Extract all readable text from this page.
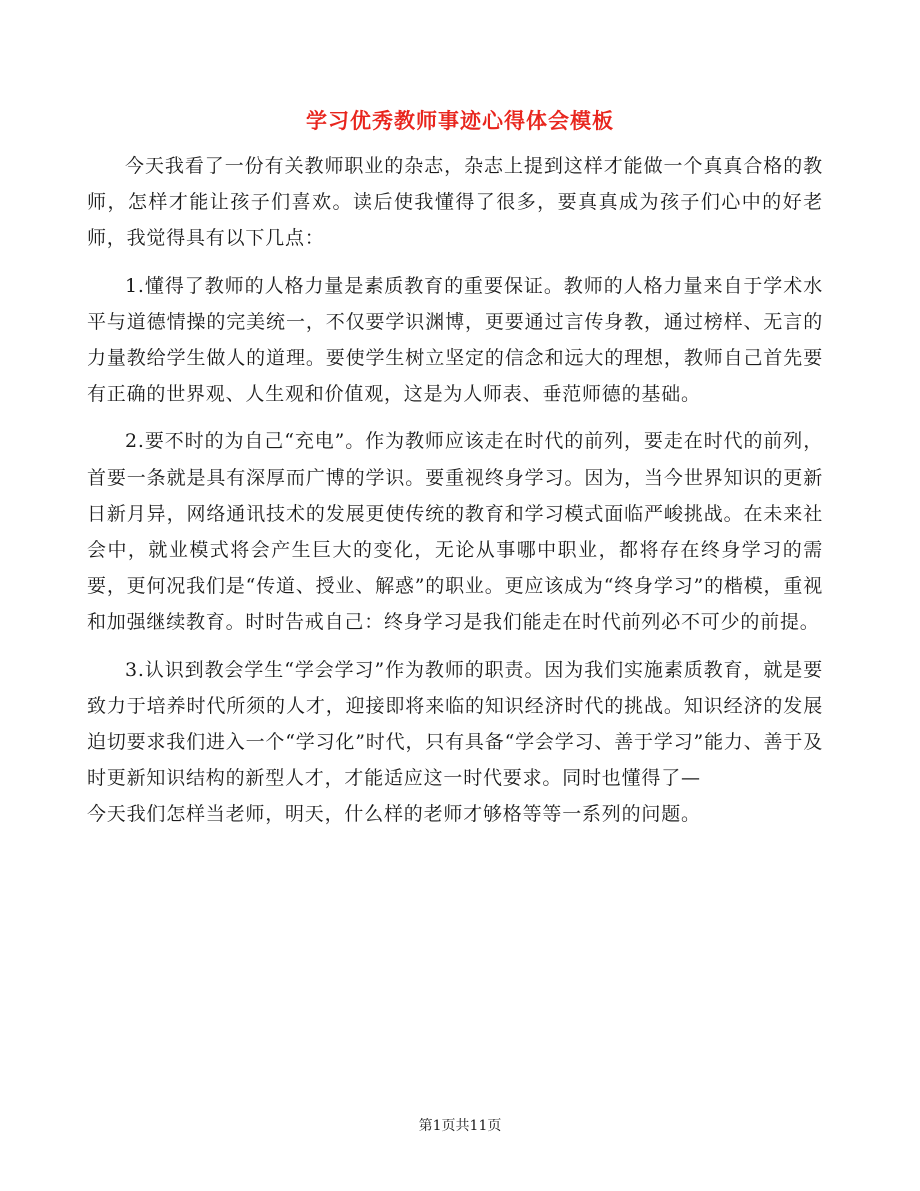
学习优秀教师事迹心得体会模板

今天我看了一份有关教师职业的杂志，杂志上提到这样才能做一个真真合格的教师，怎样才能让孩子们喜欢。读后使我懂得了很多，要真真成为孩子们心中的好老师，我觉得具有以下几点：

1.懂得了教师的人格力量是素质教育的重要保证。教师的人格力量来自于学术水平与道德情操的完美统一，不仅要学识渊博，更要通过言传身教，通过榜样、无言的力量教给学生做人的道理。要使学生树立坚定的信念和远大的理想，教师自己首先要有正确的世界观、人生观和价值观，这是为人师表、垂范师德的基础。

2.要不时的为自己“充电”。作为教师应该走在时代的前列，要走在时代的前列，首要一条就是具有深厚而广博的学识。要重视终身学习。因为，当今世界知识的更新日新月异，网络通讯技术的发展更使传统的教育和学习模式面临严峻挑战。在未来社会中，就业模式将会产生巨大的变化，无论从事哪中职业，都将存在终身学习的需要，更何况我们是“传道、授业、解惑”的职业。更应该成为“终身学习”的楷模，重视和加强继续教育。时时告戒自己：终身学习是我们能走在时代前列必不可少的前提。

3.认识到教会学生“学会学习”作为教师的职责。因为我们实施素质教育，就是要致力于培养时代所须的人才，迎接即将来临的知识经济时代的挑战。知识经济的发展迫切要求我们进入一个“学习化”时代，只有具备“学会学习、善于学习”能力、善于及时更新知识结构的新型人才，才能适应这一时代要求。同时也懂得了—

今天我们怎样当老师，明天，什么样的老师才够格等等一系列的问题。

第1页共11页
